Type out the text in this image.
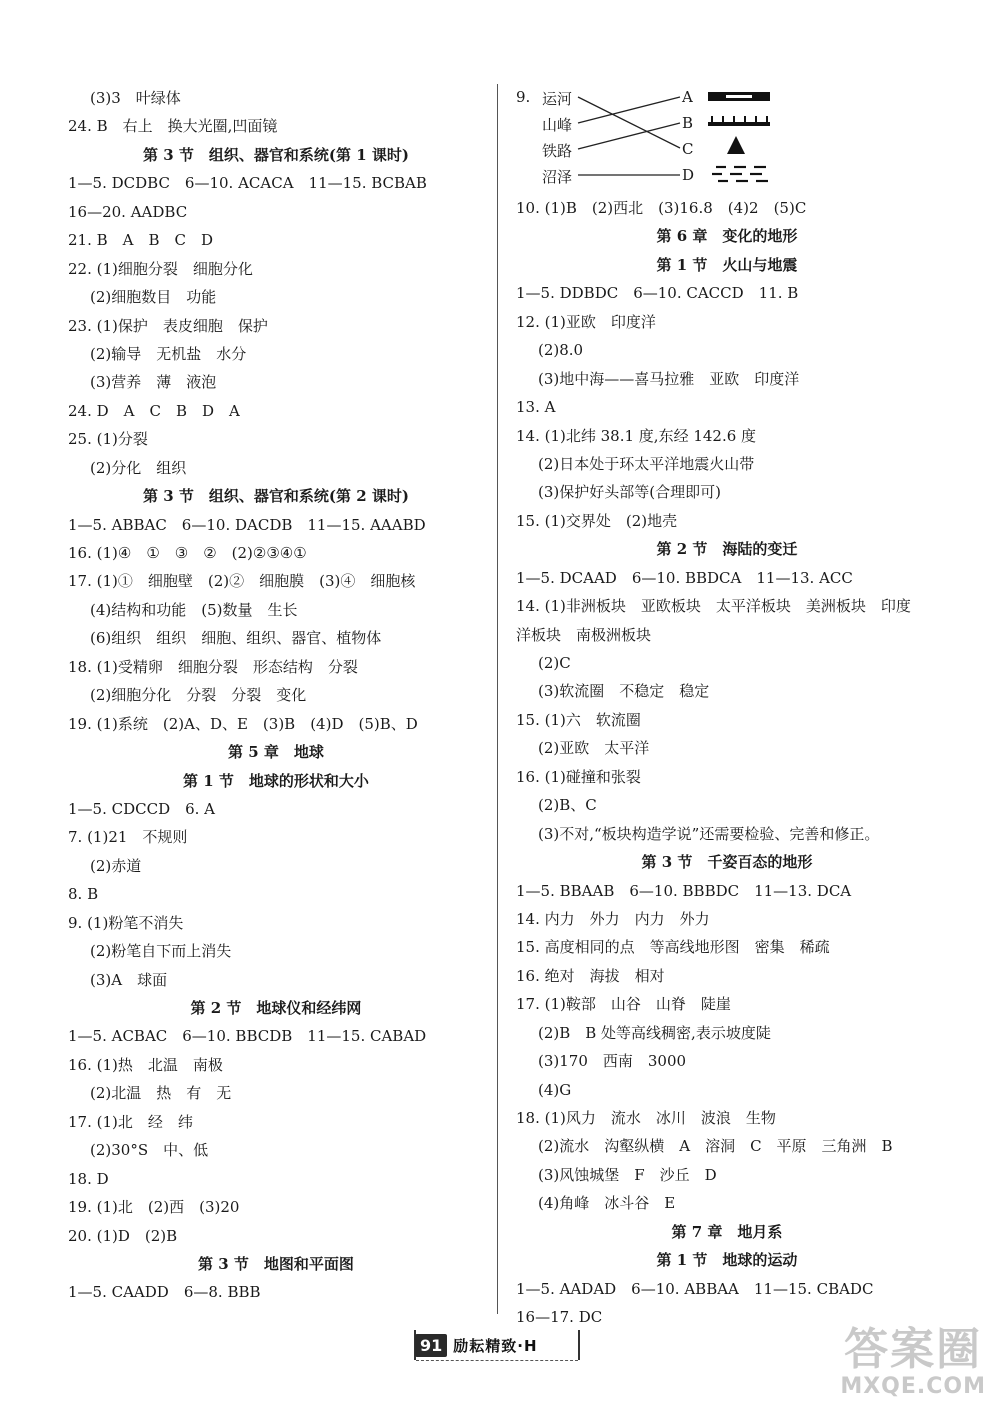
(3)3　叶绿体
24. B　右上　换大光圈,凹面镜
第 3 节　组织、器官和系统(第 1 课时)
1—5. DCDBC　6—10. ACACA　11—15. BCBAB
16—20. AADBC
21. B　A　B　C　D
22. (1)细胞分裂　细胞分化
(2)细胞数目　功能
23. (1)保护　表皮细胞　保护
(2)输导　无机盐　水分
(3)营养　薄　液泡
24. D　A　C　B　D　A
25. (1)分裂
(2)分化　组织
第 3 节　组织、器官和系统(第 2 课时)
1—5. ABBAC　6—10. DACDB　11—15. AAABD
16. (1)④　①　③　②　(2)②③④①
17. (1)①　细胞壁　(2)②　细胞膜　(3)④　细胞核
(4)结构和功能　(5)数量　生长
(6)组织　组织　细胞、组织、器官、植物体
18. (1)受精卵　细胞分裂　形态结构　分裂
(2)细胞分化　分裂　分裂　变化
19. (1)系统　(2)A、D、E　(3)B　(4)D　(5)B、D
第 5 章　地球
第 1 节　地球的形状和大小
1—5. CDCCD　6. A
7. (1)21　不规则
(2)赤道
8. B
9. (1)粉笔不消失
(2)粉笔自下而上消失
(3)A　球面
第 2 节　地球仪和经纬网
1—5. ACBAC　6—10. BBCDB　11—15. CABAD
16. (1)热　北温　南极
(2)北温　热　有　无
17. (1)北　经　纬
(2)30°S　中、低
18. D
19. (1)北　(2)西　(3)20
20. (1)D　(2)B
第 3 节　地图和平面图
1—5. CAADD　6—8. BBB
9. 运河
山峰
铁路
沼泽
A
B
C
D
10. (1)B　(2)西北　(3)16.8　(4)2　(5)C
第 6 章　变化的地形
第 1 节　火山与地震
1—5. DDBDC　6—10. CACCD　11. B
12. (1)亚欧　印度洋
(2)8.0
(3)地中海——喜马拉雅　亚欧　印度洋
13. A
14. (1)北纬 38.1 度,东经 142.6 度
(2)日本处于环太平洋地震火山带
(3)保护好头部等(合理即可)
15. (1)交界处　(2)地壳
第 2 节　海陆的变迁
1—5. DCAAD　6—10. BBDCA　11—13. ACC
14. (1)非洲板块　亚欧板块　太平洋板块　美洲板块　印度
洋板块　南极洲板块
(2)C
(3)软流圈　不稳定　稳定
15. (1)六　软流圈
(2)亚欧　太平洋
16. (1)碰撞和张裂
(2)B、C
(3)不对,“板块构造学说”还需要检验、完善和修正。
第 3 节　千姿百态的地形
1—5. BBAAB　6—10. BBBDC　11—13. DCA
14. 内力　外力　内力　外力
15. 高度相同的点　等高线地形图　密集　稀疏
16. 绝对　海拔　相对
17. (1)鞍部　山谷　山脊　陡崖
(2)B　B 处等高线稠密,表示坡度陡
(3)170　西南　3000
(4)G
18. (1)风力　流水　冰川　波浪　生物
(2)流水　沟壑纵横　A　溶洞　C　平原　三角洲　B
(3)风蚀城堡　F　沙丘　D
(4)角峰　冰斗谷　E
第 7 章　地月系
第 1 节　地球的运动
1—5. AADAD　6—10. ABBAA　11—15. CBADC
16—17. DC
91 励耘精致·H	答案圈
MXQE.COM
